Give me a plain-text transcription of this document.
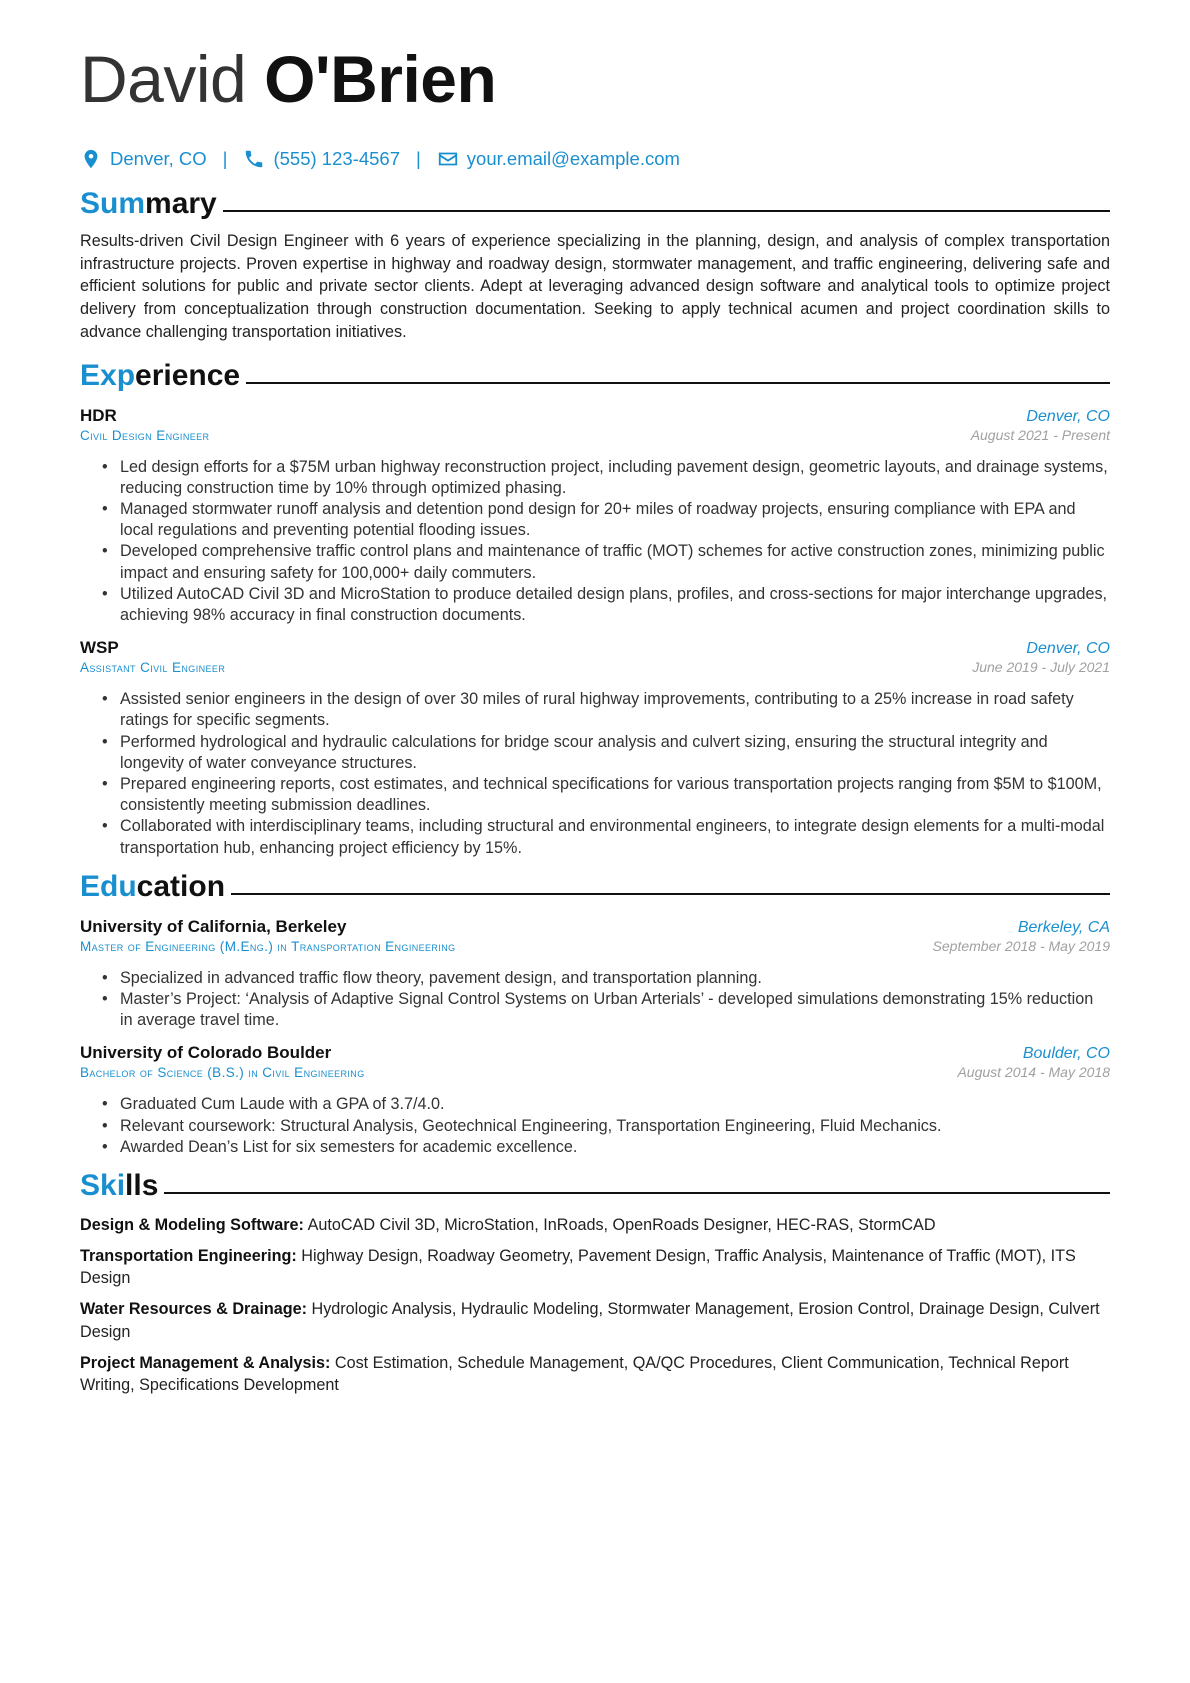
David O'Brien
Denver, CO | (555) 123-4567 | your.email@example.com
Summary

Results-driven Civil Design Engineer with 6 years of experience specializing in the planning, design, and analysis of complex transportation infrastructure projects. Proven expertise in highway and roadway design, stormwater management, and traffic engineering, delivering safe and efficient solutions for public and private sector clients. Adept at leveraging advanced design software and analytical tools to optimize project delivery from conceptualization through construction documentation. Seeking to apply technical acumen and project coordination skills to advance challenging transportation initiatives.

Experience
HDR	Denver, CO
Civil Design Engineer	August 2021 - Present
• Led design efforts for a $75M urban highway reconstruction project, including pavement design, geometric layouts, and drainage systems, reducing construction time by 10% through optimized phasing.
• Managed stormwater runoff analysis and detention pond design for 20+ miles of roadway projects, ensuring compliance with EPA and local regulations and preventing potential flooding issues.
• Developed comprehensive traffic control plans and maintenance of traffic (MOT) schemes for active construction zones, minimizing public impact and ensuring safety for 100,000+ daily commuters.
• Utilized AutoCAD Civil 3D and MicroStation to produce detailed design plans, profiles, and cross-sections for major interchange upgrades, achieving 98% accuracy in final construction documents.
WSP	Denver, CO
Assistant Civil Engineer	June 2019 - July 2021
• Assisted senior engineers in the design of over 30 miles of rural highway improvements, contributing to a 25% increase in road safety ratings for specific segments.
• Performed hydrological and hydraulic calculations for bridge scour analysis and culvert sizing, ensuring the structural integrity and longevity of water conveyance structures.
• Prepared engineering reports, cost estimates, and technical specifications for various transportation projects ranging from $5M to $100M, consistently meeting submission deadlines.
• Collaborated with interdisciplinary teams, including structural and environmental engineers, to integrate design elements for a multi-modal transportation hub, enhancing project efficiency by 15%.
Education
University of California, Berkeley	Berkeley, CA
Master of Engineering (M.Eng.) in Transportation Engineering	September 2018 - May 2019
• Specialized in advanced traffic flow theory, pavement design, and transportation planning.
• Master’s Project: ‘Analysis of Adaptive Signal Control Systems on Urban Arterials’ - developed simulations demonstrating 15% reduction in average travel time.
University of Colorado Boulder	Boulder, CO
Bachelor of Science (B.S.) in Civil Engineering	August 2014 - May 2018
• Graduated Cum Laude with a GPA of 3.7/4.0.
• Relevant coursework: Structural Analysis, Geotechnical Engineering, Transportation Engineering, Fluid Mechanics.
• Awarded Dean’s List for six semesters for academic excellence.
Skills

Design & Modeling Software: AutoCAD Civil 3D, MicroStation, InRoads, OpenRoads Designer, HEC-RAS, StormCAD

Transportation Engineering: Highway Design, Roadway Geometry, Pavement Design, Traffic Analysis, Maintenance of Traffic (MOT), ITS Design

Water Resources & Drainage: Hydrologic Analysis, Hydraulic Modeling, Stormwater Management, Erosion Control, Drainage Design, Culvert Design

Project Management & Analysis: Cost Estimation, Schedule Management, QA/QC Procedures, Client Communication, Technical Report Writing, Specifications Development
